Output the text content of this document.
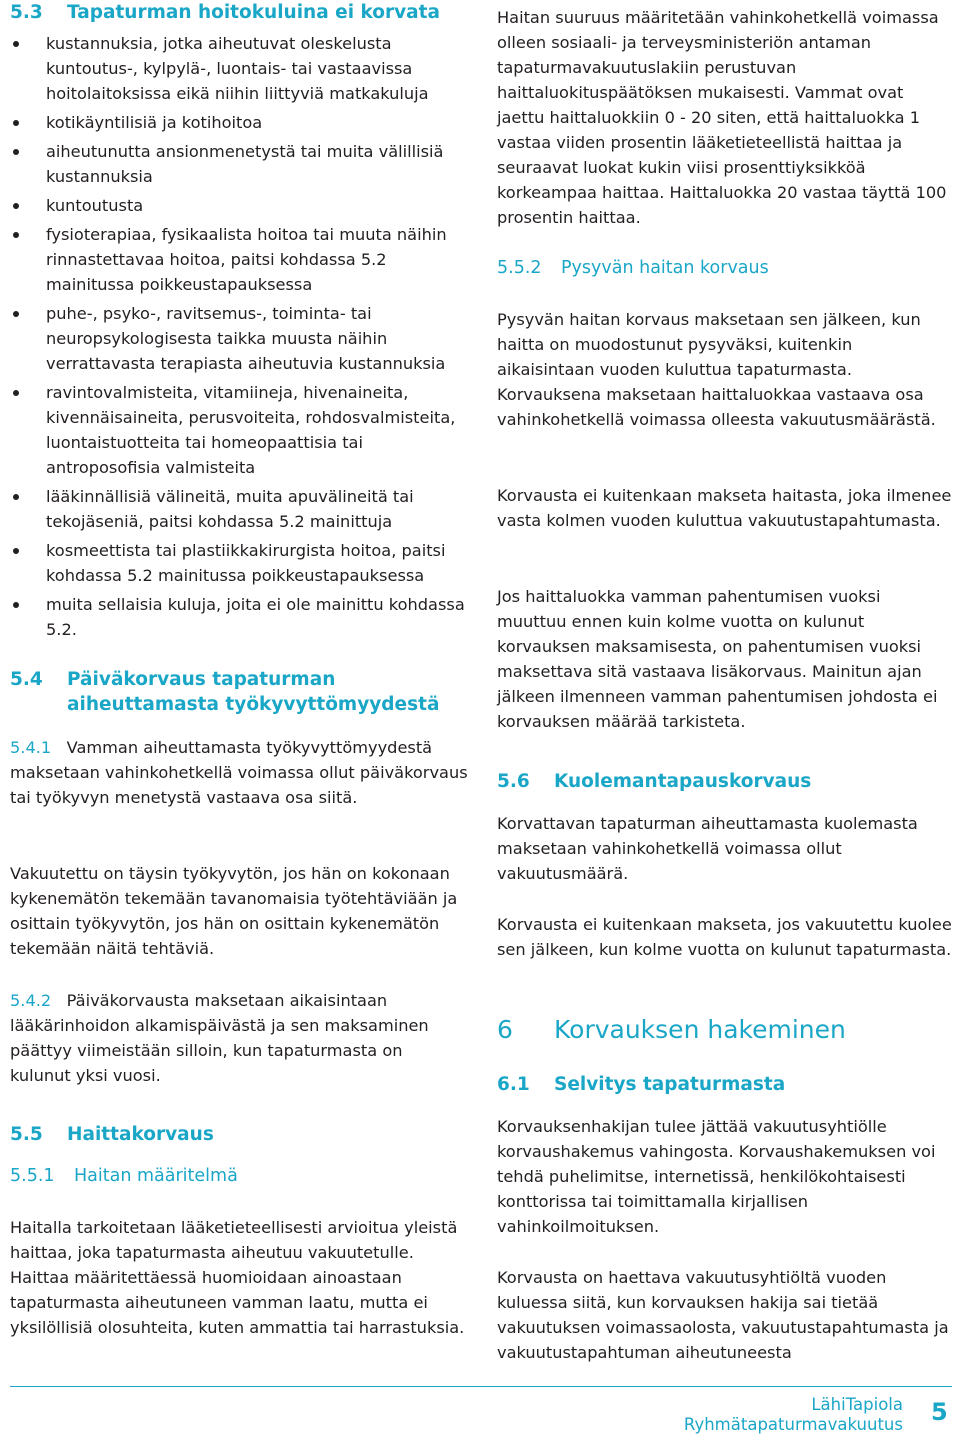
5.3	Tapaturman hoitokuluina ei korvata
kustannuksia, jotka aiheutuvat oleskelusta kuntoutus-, kylpylä-, luontais- tai vastaavissa hoitolaitoksissa eikä niihin liittyviä matkakuluja
kotikäyntilisiä ja kotihoitoa
aiheutunutta ansionmenetystä tai muita välillisiä kustannuksia
kuntoutusta
fysioterapiaa, fysikaalista hoitoa tai muuta näihin rinnastettavaa hoitoa, paitsi kohdassa 5.2 mainitussa poikkeustapauksessa
puhe-, psyko-, ravitsemus-, toiminta- tai neuropsykologisesta taikka muusta näihin verrattavasta terapiasta aiheutuvia kustannuksia
ravintovalmisteita, vitamiineja, hivenaineita, kivennäisaineita, perusvoiteita, rohdosvalmisteita, luontaistuotteita tai homeopaattisia tai antroposofisia valmisteita
lääkinnällisiä välineitä, muita apuvälineitä tai tekojäseniä, paitsi kohdassa 5.2 mainittuja
kosmeettista tai plastiikkakirurgista hoitoa, paitsi kohdassa 5.2 mainitussa poikkeustapauksessa
muita sellaisia kuluja, joita ei ole mainittu kohdassa 5.2.
5.4	Päiväkorvaus tapaturman aiheuttamasta työkyvyttömyydestä

5.4.1 Vamman aiheuttamasta työkyvyttömyydestä maksetaan vahinkohetkellä voimassa ollut päiväkorvaus tai työkyvyn menetystä vastaava osa siitä.

Vakuutettu on täysin työkyvytön, jos hän on kokonaan kykenemätön tekemään tavanomaisia työtehtäviään ja osittain työkyvytön, jos hän on osittain kykenemätön tekemään näitä tehtäviä.

5.4.2 Päiväkorvausta maksetaan aikaisintaan lääkärinhoidon alkamispäivästä ja sen maksaminen päättyy viimeistään silloin, kun tapaturmasta on kulunut yksi vuosi.

5.5	Haittakorvaus
5.5.1	Haitan määritelmä

Haitalla tarkoitetaan lääketieteellisesti arvioitua yleistä haittaa, joka tapaturmasta aiheutuu vakuutetulle. Haittaa määritettäessä huomioidaan ainoastaan tapaturmasta aiheutuneen vamman laatu, mutta ei yksilöllisiä olosuhteita, kuten ammattia tai harrastuksia.

Haitan suuruus määritetään vahinkohetkellä voimassa olleen sosiaali- ja terveysministeriön antaman tapaturmavakuutuslakiin perustuvan haittaluokituspäätöksen mukaisesti. Vammat ovat jaettu haittaluokkiin 0 - 20 siten, että haittaluokka 1 vastaa viiden prosentin lääketieteellistä haittaa ja seuraavat luokat kukin viisi prosenttiyksikköä korkeampaa haittaa. Haittaluokka 20 vastaa täyttä 100 prosentin haittaa.

5.5.2	Pysyvän haitan korvaus

Pysyvän haitan korvaus maksetaan sen jälkeen, kun haitta on muodostunut pysyväksi, kuitenkin aikaisintaan vuoden kuluttua tapaturmasta. Korvauksena maksetaan haittaluokkaa vastaava osa vahinkohetkellä voimassa olleesta vakuutusmäärästä.

Korvausta ei kuitenkaan makseta haitasta, joka ilmenee vasta kolmen vuoden kuluttua vakuutustapahtumasta.

Jos haittaluokka vamman pahentumisen vuoksi muuttuu ennen kuin kolme vuotta on kulunut korvauksen maksamisesta, on pahentumisen vuoksi maksettava sitä vastaava lisäkorvaus. Mainitun ajan jälkeen ilmenneen vamman pahentumisen johdosta ei korvauksen määrää tarkisteta.

5.6	Kuolemantapauskorvaus

Korvattavan tapaturman aiheuttamasta kuolemasta maksetaan vahinkohetkellä voimassa ollut vakuutusmäärä.

Korvausta ei kuitenkaan makseta, jos vakuutettu kuolee sen jälkeen, kun kolme vuotta on kulunut tapaturmasta.

6	Korvauksen hakeminen
6.1	Selvitys tapaturmasta

Korvauksenhakijan tulee jättää vakuutusyhtiölle korvaushakemus vahingosta. Korvaushakemuksen voi tehdä puhelimitse, internetissä, henkilökohtaisesti konttorissa tai toimittamalla kirjallisen vahinkoilmoituksen.

Korvausta on haettava vakuutusyhtiöltä vuoden kuluessa siitä, kun korvauksen hakija sai tietää vakuutuksen voimassaolosta, vakuutustapahtumasta ja vakuutustapahtuman aiheutuneesta

LähiTapiola
Ryhmätapaturmavakuutus 5
